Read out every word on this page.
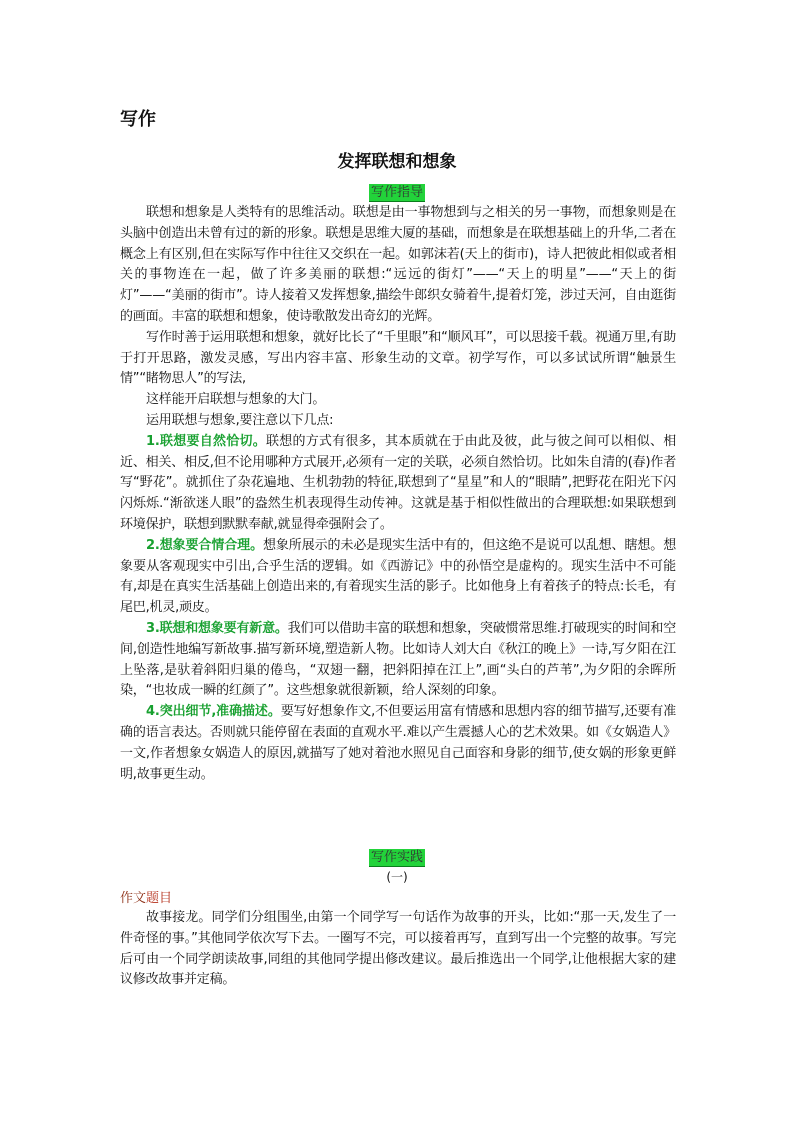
写作
发挥联想和想象
写作指导

联想和想象是人类特有的思维活动。联想是由一事物想到与之相关的另一事物，而想象则是在头脑中创造出未曾有过的新的形象。联想是思维大厦的基础，而想象是在联想基础上的升华,二者在概念上有区别,但在实际写作中往往又交织在一起。如郭沫若(天上的街市)，诗人把彼此相似或者相关的事物连在一起，做了许多美丽的联想:“远远的街灯”——“天上的明星”——“天上的街灯”——“美丽的街市”。诗人接着又发挥想象,描绘牛郎织女骑着牛,提着灯笼，涉过天河，自由逛街的画面。丰富的联想和想象，使诗歌散发出奇幻的光辉。

写作时善于运用联想和想象，就好比长了“千里眼”和“顺风耳”，可以思接千载。视通万里,有助于打开思路，激发灵感，写出内容丰富、形象生动的文章。初学写作，可以多试试所谓“触景生情”“睹物思人”的写法,

这样能开启联想与想象的大门。

运用联想与想象,要注意以下几点:

1.联想要自然恰切。联想的方式有很多，其本质就在于由此及彼，此与彼之间可以相似、相近、相关、相反,但不论用哪种方式展开,必须有一定的关联，必须自然恰切。比如朱自清的(春)作者写“野花”。就抓住了杂花遍地、生机勃勃的特征,联想到了“星星”和人的“眼睛”,把野花在阳光下闪闪烁烁.“渐欲迷人眼”的盎然生机表现得生动传神。这就是基于相似性做出的合理联想:如果联想到环境保护，联想到默默奉献,就显得牵强附会了。

2.想象要合情合理。想象所展示的未必是现实生活中有的，但这绝不是说可以乱想、瞎想。想象要从客观现实中引出,合乎生活的逻辑。如《西游记》中的孙悟空是虚构的。现实生活中不可能有,却是在真实生活基础上创造出来的,有着现实生活的影子。比如他身上有着孩子的特点:长毛，有尾巴,机灵,顽皮。

3.联想和想象要有新意。我们可以借助丰富的联想和想象，突破惯常思维.打破现实的时间和空间,创造性地编写新故事.描写新环境,塑造新人物。比如诗人刘大白《秋江的晚上》一诗,写夕阳在江上坠落,是驮着斜阳归巢的倦鸟，“双翅一翻，把斜阳掉在江上”,画“头白的芦苇”,为夕阳的余晖所染，“也妆成一瞬的红颜了”。这些想象就很新颖，给人深刻的印象。

4.突出细节,准确描述。要写好想象作文,不但要运用富有情感和思想内容的细节描写,还要有准确的语言表达。否则就只能停留在表面的直观水平.难以产生震撼人心的艺术效果。如《女娲造人》一文,作者想象女娲造人的原因,就描写了她对着池水照见自己面容和身影的细节,使女娲的形象更鲜明,故事更生动。

写作实践
(一)
作文题目

故事接龙。同学们分组围坐,由第一个同学写一句话作为故事的开头，比如:“那一天,发生了一件奇怪的事。”其他同学依次写下去。一圈写不完，可以接着再写，直到写出一个完整的故事。写完后可由一个同学朗读故事,同组的其他同学提出修改建议。最后推选出一个同学,让他根据大家的建议修改故事并定稿。
